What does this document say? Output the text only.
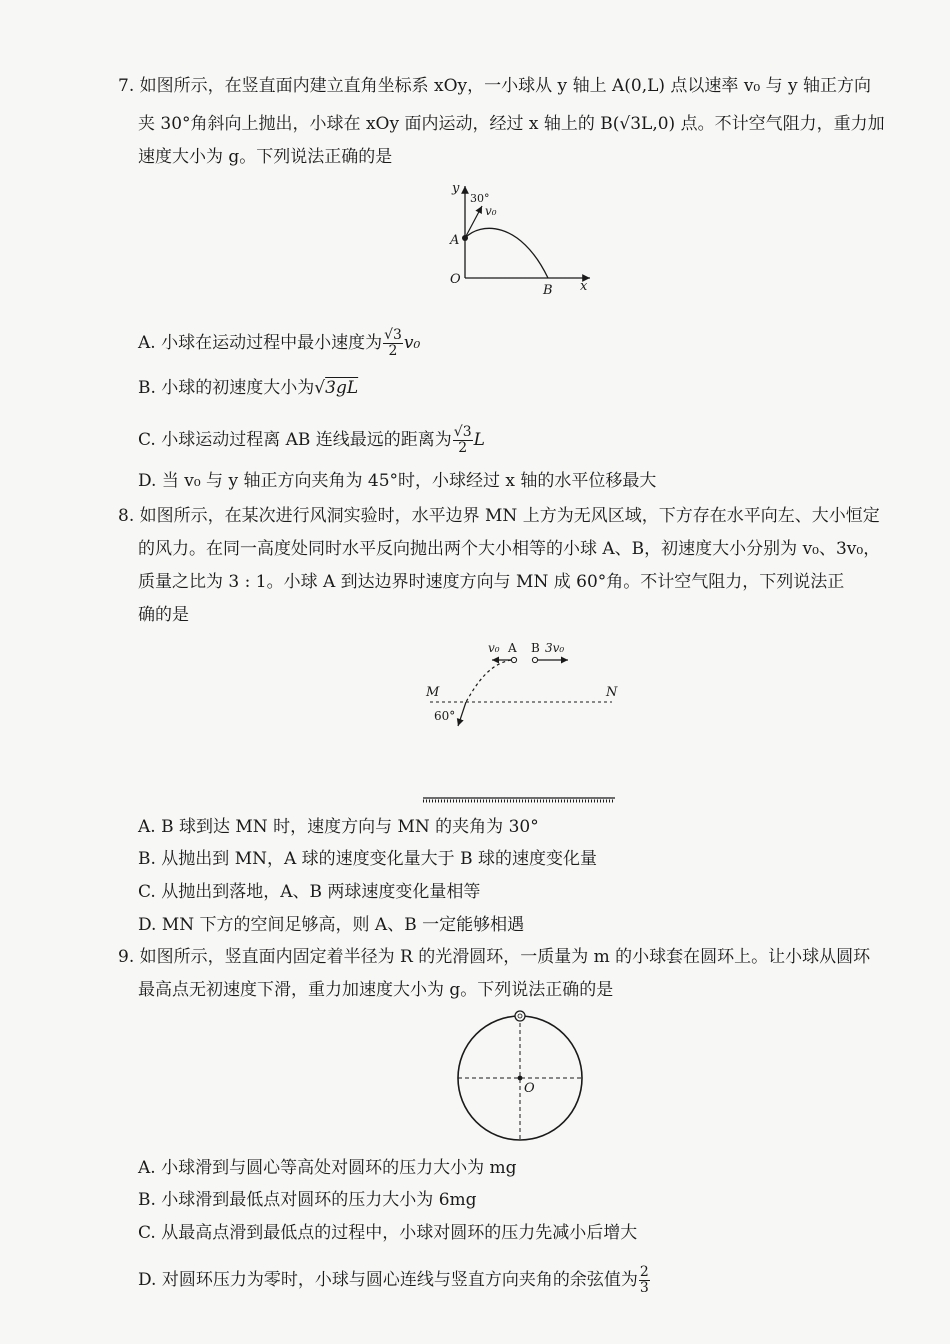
7. 如图所示，在竖直面内建立直角坐标系 xOy，一小球从 y 轴上 A(0,L) 点以速率 v₀ 与 y 轴正方向
夹 30°角斜向上抛出，小球在 xOy 面内运动，经过 x 轴上的 B(√3L,0) 点。不计空气阻力，重力加
速度大小为 g。下列说法正确的是
y
30°
v₀
A
O
B x
A. 小球在运动过程中最小速度为 $\frac{√3}{2} v_0$
B. 小球的初速度大小为√3gL
C. 小球运动过程离 AB 连线最远的距离为 $\frac{√3}{2}$ L
D. 当 v₀ 与 y 轴正方向夹角为 45°时，小球经过 x 轴的水平位移最大
8. 如图所示，在某次进行风洞实验时，水平边界 MN 上方为无风区域，下方存在水平向左、大小恒定
的风力。在同一高度处同时水平反向抛出两个大小相等的小球 A、B，初速度大小分别为 v₀、3v₀，
质量之比为 3 : 1。小球 A 到达边界时速度方向与 MN 成 60°角。不计空气阻力，下列说法正
确的是
v₀ A B 3v₀
M	N
60°
A. B 球到达 MN 时，速度方向与 MN 的夹角为 30°
B. 从抛出到 MN，A 球的速度变化量大于 B 球的速度变化量
C. 从抛出到落地，A、B 两球速度变化量相等
D. MN 下方的空间足够高，则 A、B 一定能够相遇
9. 如图所示，竖直面内固定着半径为 R 的光滑圆环，一质量为 m 的小球套在圆环上。让小球从圆环
最高点无初速度下滑，重力加速度大小为 g。下列说法正确的是
O
A. 小球滑到与圆心等高处对圆环的压力大小为 mg
B. 小球滑到最低点对圆环的压力大小为 6mg
C. 从最高点滑到最低点的过程中，小球对圆环的压力先减小后增大
D. 对圆环压力为零时，小球与圆心连线与竖直方向夹角的余弦值为 $\frac{2}{3}$
